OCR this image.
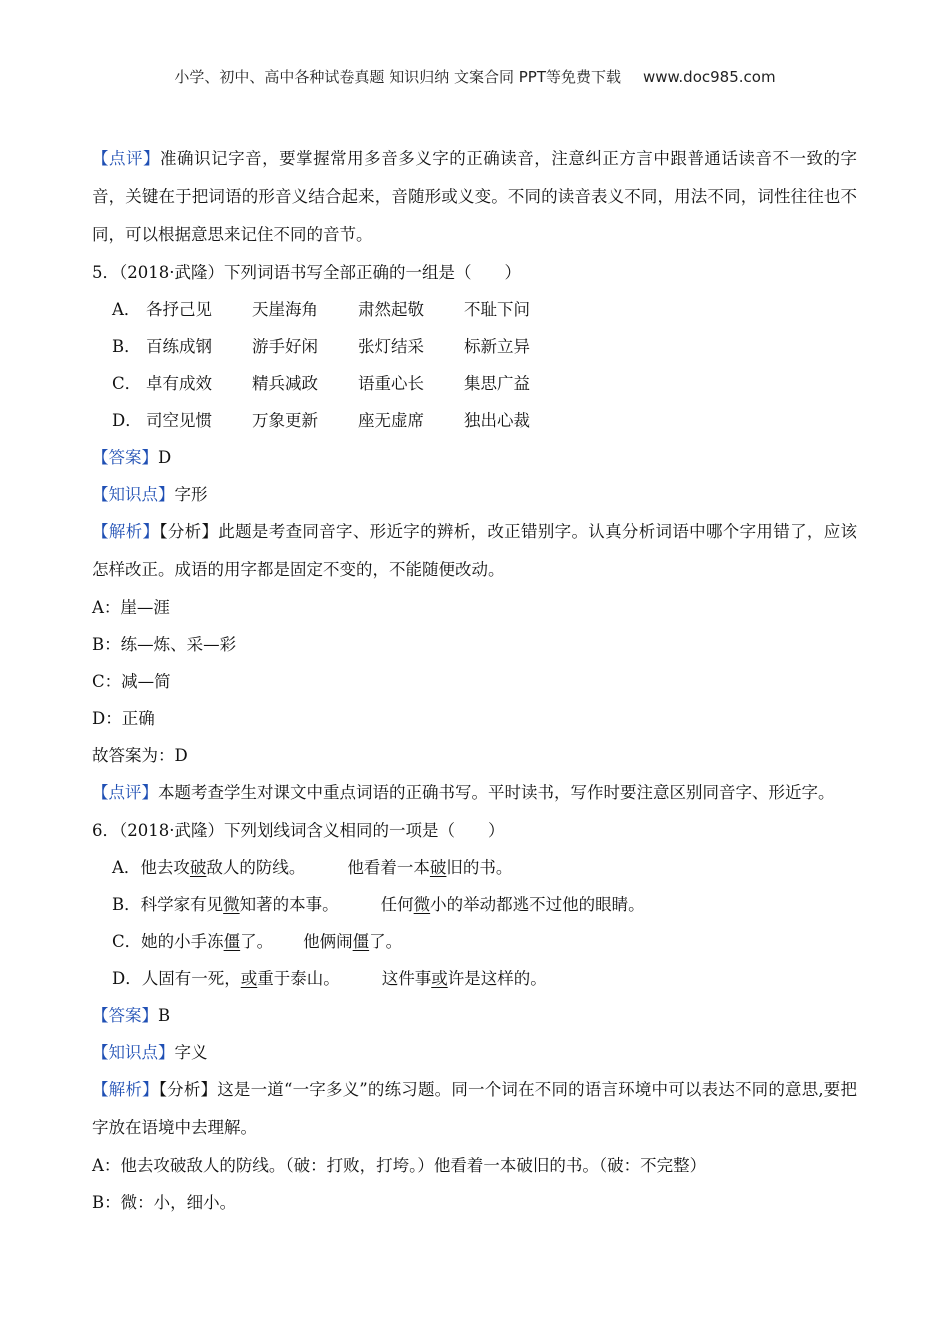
小学、初中、高中各种试卷真题 知识归纳 文案合同 PPT等免费下载 www.doc985.com

【点评】准确识记字音，要掌握常用多音多义字的正确读音，注意纠正方言中跟普通话读音不一致的字音，关键在于把词语的形音义结合起来，音随形或义变。不同的读音表义不同，用法不同，词性往往也不同，可以根据意思来记住不同的音节。

5．（2018·武隆）下列词语书写全部正确的一组是（　　）

A． 各抒己见	天崖海角	肃然起敬	不耻下问
B． 百练成钢	游手好闲	张灯结采	标新立异
C． 卓有成效	精兵减政	语重心长	集思广益
D． 司空见惯	万象更新	座无虚席	独出心裁

【答案】D

【知识点】字形

【解析】【分析】此题是考查同音字、形近字的辨析，改正错别字。认真分析词语中哪个字用错了，应该怎样改正。成语的用字都是固定不变的，不能随便改动。

A：崖—涯

B：练—炼、采—彩

C：减—简

D：正确

故答案为：D

【点评】本题考查学生对课文中重点词语的正确书写。平时读书，写作时要注意区别同音字、形近字。

6．（2018·武隆）下列划线词含义相同的一项是（　　）

A．他去攻破敌人的防线。	他看着一本破旧的书。
B．科学家有见微知著的本事。	任何微小的举动都逃不过他的眼睛。
C．她的小手冻僵了。 他俩闹僵了。
D．人固有一死，或重于泰山。	这件事或许是这样的。

【答案】B

【知识点】字义

【解析】【分析】这是一道“一字多义”的练习题。同一个词在不同的语言环境中可以表达不同的意思,要把字放在语境中去理解。

A：他去攻破敌人的防线。（破：打败，打垮。）他看着一本破旧的书。（破：不完整）

B：微：小，细小。
